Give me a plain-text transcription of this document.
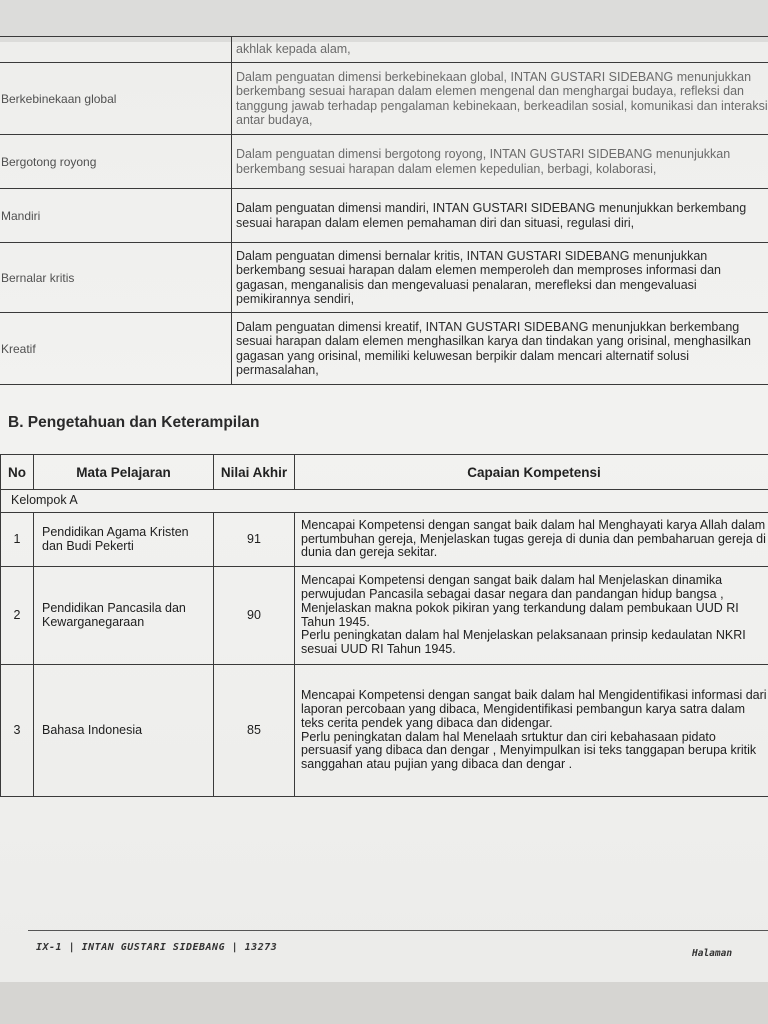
	akhlak kepada alam,
Berkebinekaan global	Dalam penguatan dimensi berkebinekaan global, INTAN GUSTARI SIDEBANG menunjukkan berkembang sesuai harapan dalam elemen mengenal dan menghargai budaya, refleksi dan tanggung jawab terhadap pengalaman kebinekaan, berkeadilan sosial, komunikasi dan interaksi antar budaya,
Bergotong royong	Dalam penguatan dimensi bergotong royong, INTAN GUSTARI SIDEBANG menunjukkan berkembang sesuai harapan dalam elemen kepedulian, berbagi, kolaborasi,
Mandiri	Dalam penguatan dimensi mandiri, INTAN GUSTARI SIDEBANG menunjukkan berkembang sesuai harapan dalam elemen pemahaman diri dan situasi, regulasi diri,
Bernalar kritis	Dalam penguatan dimensi bernalar kritis, INTAN GUSTARI SIDEBANG menunjukkan berkembang sesuai harapan dalam elemen memperoleh dan memproses informasi dan gagasan, menganalisis dan mengevaluasi penalaran, merefleksi dan mengevaluasi pemikirannya sendiri,
Kreatif	Dalam penguatan dimensi kreatif, INTAN GUSTARI SIDEBANG menunjukkan berkembang sesuai harapan dalam elemen menghasilkan karya dan tindakan yang orisinal, menghasilkan gagasan yang orisinal, memiliki keluwesan berpikir dalam mencari alternatif solusi permasalahan,
B. Pengetahuan dan Keterampilan
No	Mata Pelajaran	Nilai Akhir	Capaian Kompetensi
Kelompok A			
1	Pendidikan Agama Kristen dan Budi Pekerti	91	Mencapai Kompetensi dengan sangat baik dalam hal Menghayati karya Allah dalam pertumbuhan gereja, Menjelaskan tugas gereja di dunia dan pembaharuan gereja di dunia dan gereja sekitar.

2	Pendidikan Pancasila dan Kewarganegaraan	90	Mencapai Kompetensi dengan sangat baik dalam hal Menjelaskan dinamika perwujudan Pancasila sebagai dasar negara dan pandangan hidup bangsa , Menjelaskan makna pokok pikiran yang terkandung dalam pembukaan UUD RI Tahun 1945.
Perlu peningkatan dalam hal Menjelaskan pelaksanaan prinsip kedaulatan NKRI sesuai UUD RI Tahun 1945.

3	Bahasa Indonesia	85	Mencapai Kompetensi dengan sangat baik dalam hal Mengidentifikasi informasi dari laporan percobaan yang dibaca, Mengidentifikasi pembangun karya satra dalam teks cerita pendek yang dibaca dan didengar.
Perlu peningkatan dalam hal Menelaah srtuktur dan ciri kebahasaan pidato persuasif yang dibaca dan dengar , Menyimpulkan isi teks tanggapan berupa kritik sanggahan atau pujian yang dibaca dan dengar .
IX-1 | INTAN GUSTARI SIDEBANG | 13273
Halaman
